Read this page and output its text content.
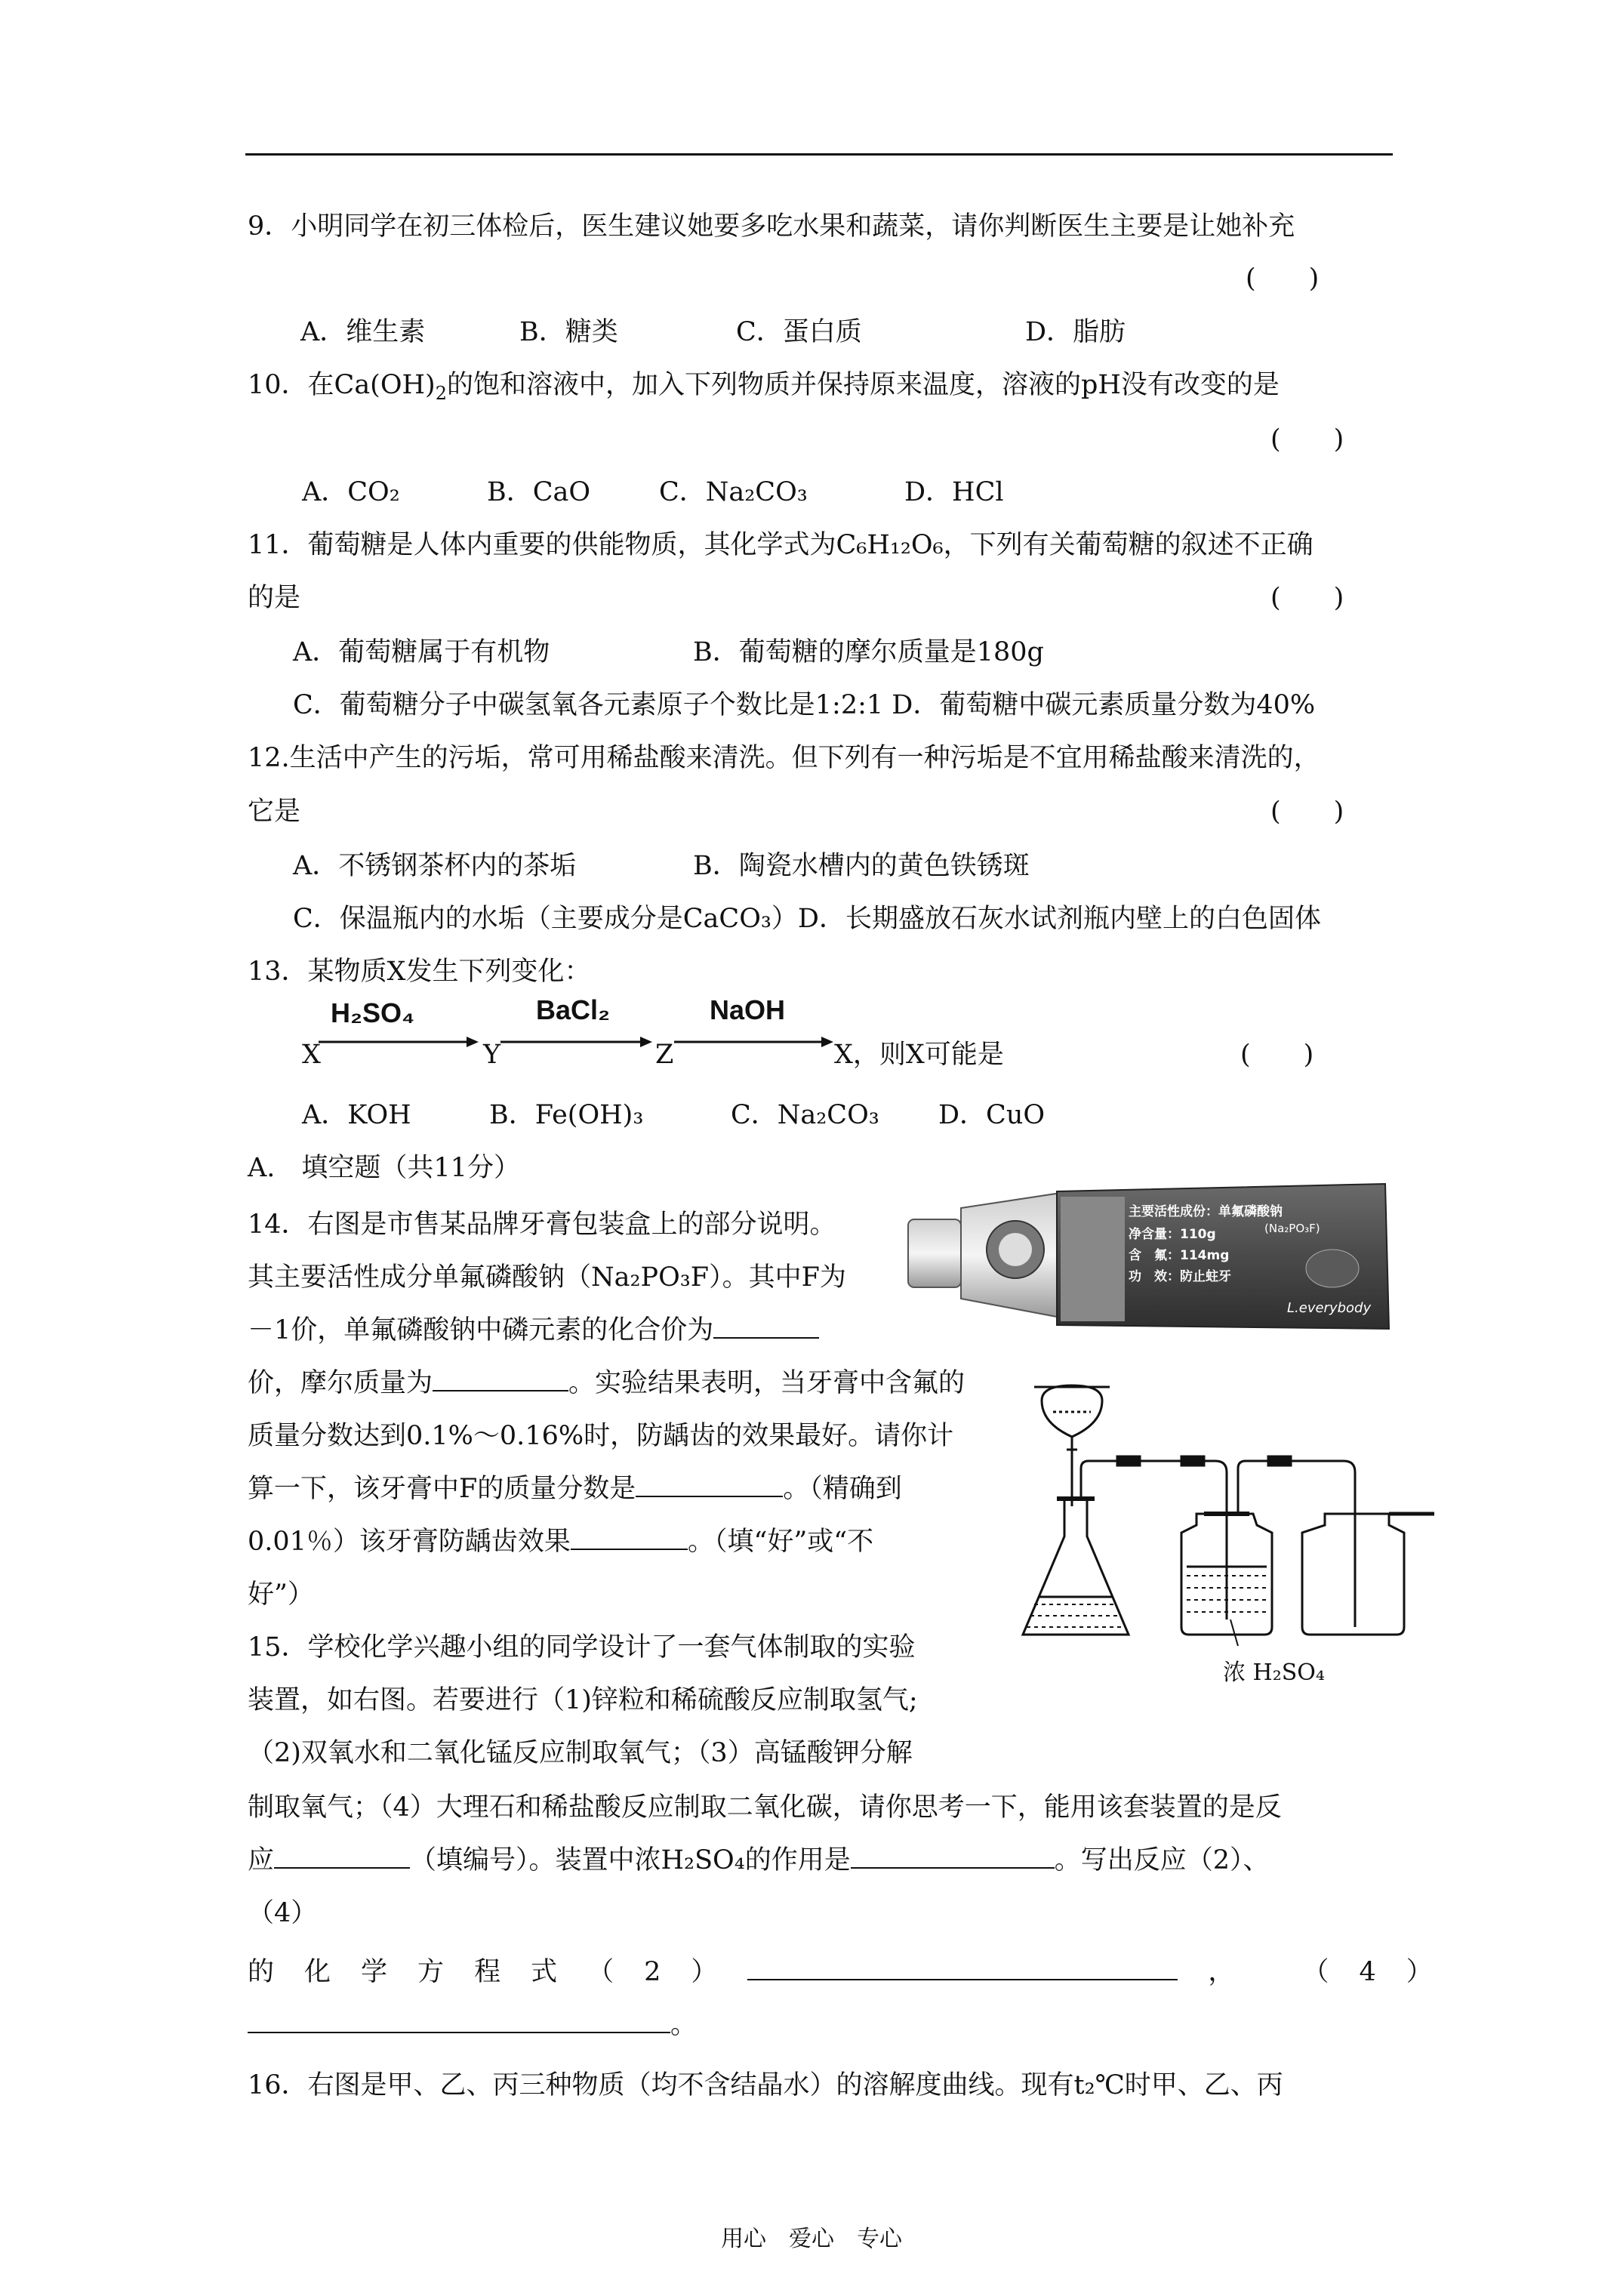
9．小明同学在初三体检后，医生建议她要多吃水果和蔬菜，请你判断医生主要是让她补充
(　　)
A．维生素	B．糖类	C．蛋白质	D．脂肪
10．在$Ca(OH)_2$的饱和溶液中，加入下列物质并保持原来温度，溶液的pH没有改变的是
(　　)
A．CO₂	B．CaO	C．Na₂CO₃	D．HCl
11．葡萄糖是人体内重要的供能物质，其化学式为C₆H₁₂O₆，下列有关葡萄糖的叙述不正确
的是	(　　)
A．葡萄糖属于有机物	B．葡萄糖的摩尔质量是180g
C．葡萄糖分子中碳氢氧各元素原子个数比是1:2:1 D．葡萄糖中碳元素质量分数为40%
12.生活中产生的污垢，常可用稀盐酸来清洗。但下列有一种污垢是不宜用稀盐酸来清洗的，
它是	(　　)
A．不锈钢茶杯内的茶垢	B．陶瓷水槽内的黄色铁锈斑
C．保温瓶内的水垢（主要成分是CaCO₃）D．长期盛放石灰水试剂瓶内壁上的白色固体
13．某物质X发生下列变化：
X	Y	Z	X，则X可能是
H₂SO₄	BaCl₂	NaOH
(　　)
A．KOH	B．Fe(OH)₃	C．Na₂CO₃ D．CuO
A.　填空题（共11分）
14．右图是市售某品牌牙膏包装盒上的部分说明。
其主要活性成分单氟磷酸钠（Na₂PO₃F）。其中F为
－1价，单氟磷酸钠中磷元素的化合价为
价，摩尔质量为	。实验结果表明，当牙膏中含氟的
质量分数达到0.1%～0.16%时，防龋齿的效果最好。请你计
算一下，该牙膏中F的质量分数是	。（精确到
0.01％）该牙膏防龋齿效果	。（填“好”或“不
好”）
主要活性成份：单氟磷酸钠
(Na₂PO₃F)
净含量：110g
含　氟：114mg
功　效：防止蛀牙
L.everybody
浓 H₂SO₄
15．学校化学兴趣小组的同学设计了一套气体制取的实验
装置，如右图。若要进行（1)锌粒和稀硫酸反应制取氢气;
（2)双氧水和二氧化锰反应制取氧气；（3）高锰酸钾分解
制取氧气；（4）大理石和稀盐酸反应制取二氧化碳，请你思考一下，能用该套装置的是反
应	（填编号）。装置中浓H₂SO₄的作用是	。写出反应（2）、
（4）
的 化 学 方 程 式 （ 2 ）	，	（ 4 ）
。
16．右图是甲、乙、丙三种物质（均不含结晶水）的溶解度曲线。现有t₂℃时甲、乙、丙
用心　爱心　专心
